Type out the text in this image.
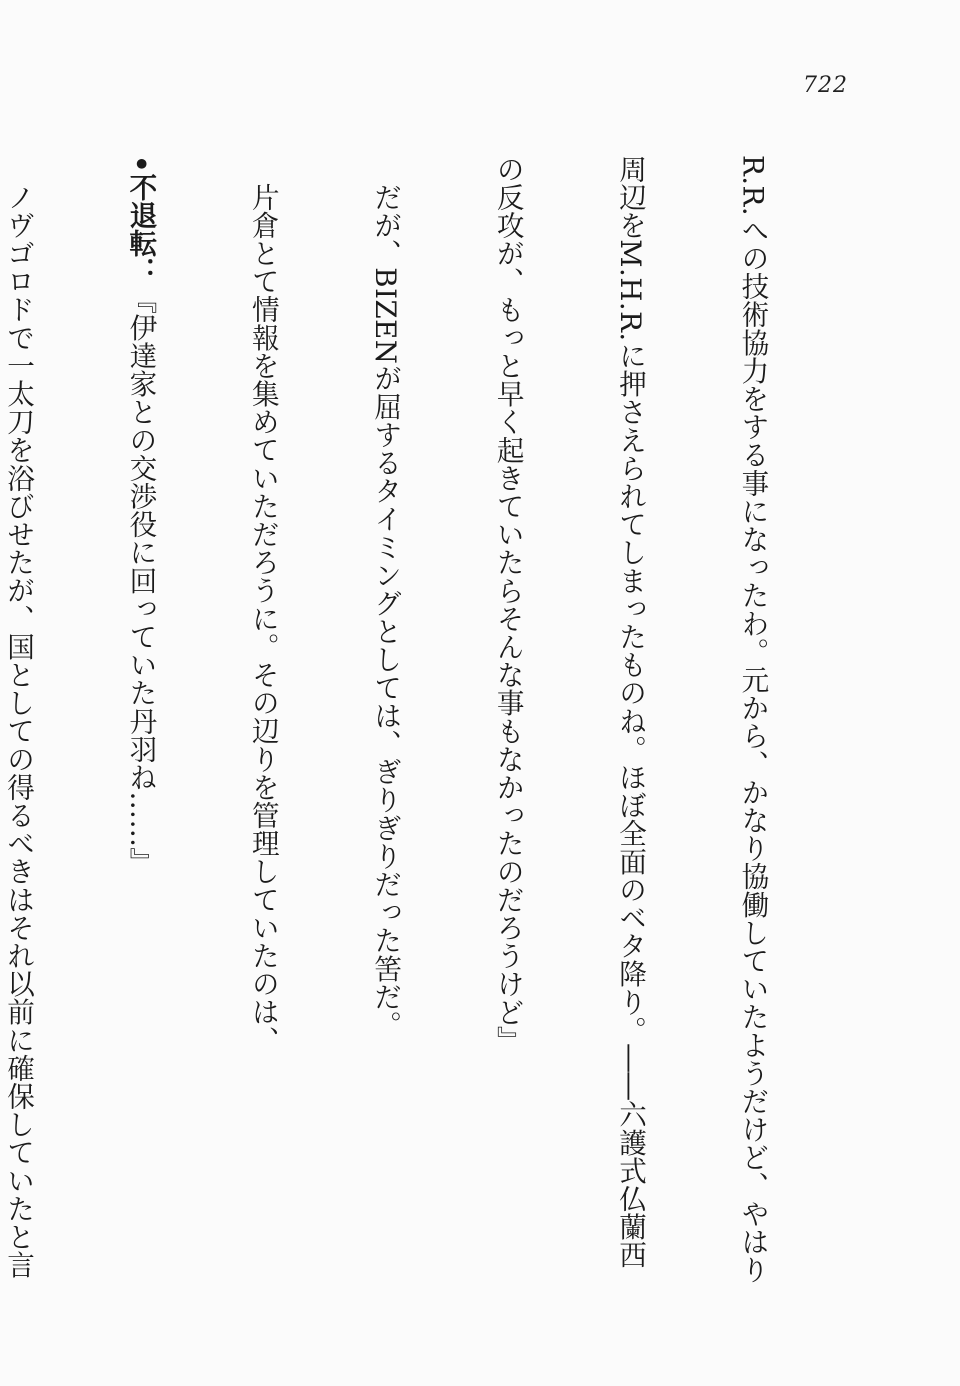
722

R.R.への技術協力をする事になったわ。元から、かなり協働していたようだけど、やはり

周辺をM.H.R.に押さえられてしまったものね。ほぼ全面のベタ降り。――六護式仏蘭西

の反攻が、もっと早く起きていたらそんな事もなかったのだろうけど』

だが、BIZENが屈するタイミングとしては、ぎりぎりだった筈だ。

片倉とて情報を集めていただろうに。その辺りを管理していたのは、

•不退転：『伊達家との交渉役に回っていた丹羽ね……』

ノヴゴロドで一太刀を浴びせたが、国としての得るべきはそれ以前に確保していたと言
